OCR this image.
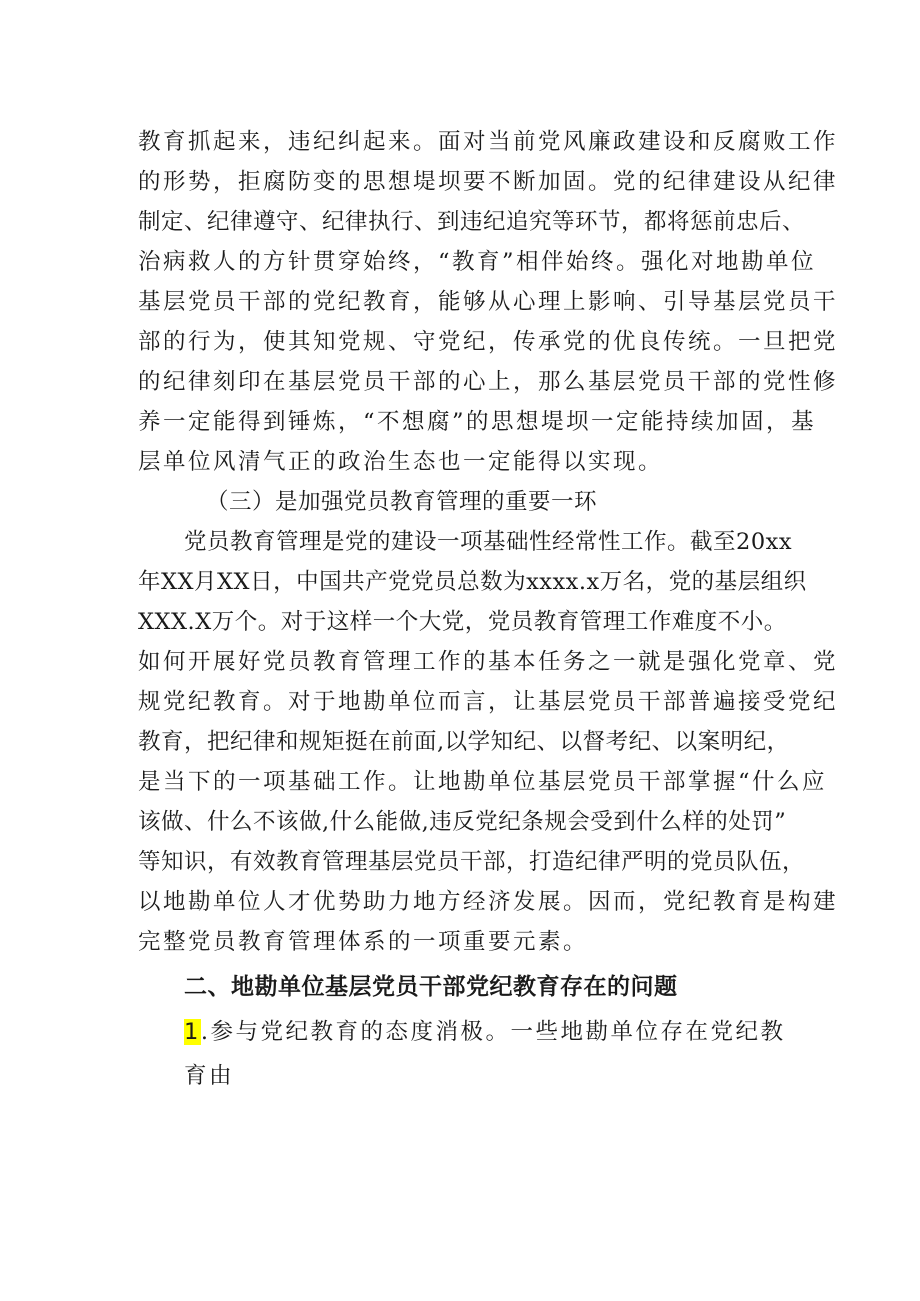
教育抓起来，违纪纠起来。面对当前党风廉政建设和反腐败工作
的形势，拒腐防变的思想堤坝要不断加固。党的纪律建设从纪律
制定、纪律遵守、纪律执行、到违纪追究等环节，都将惩前忠后、
治病救人的方针贯穿始终，“教育”相伴始终。强化对地勘单位
基层党员干部的党纪教育，能够从心理上影响、引导基层党员干
部的行为，使其知党规、守党纪，传承党的优良传统。一旦把党
的纪律刻印在基层党员干部的心上，那么基层党员干部的党性修
养一定能得到锤炼，“不想腐”的思想堤坝一定能持续加固，基
层单位风清气正的政治生态也一定能得以实现。
（三）是加强党员教育管理的重要一环
党员教育管理是党的建设一项基础性经常性工作。截至20xx
年XX月XX日，中国共产党党员总数为xxxx.x万名，党的基层组织
XXX.X万个。对于这样一个大党，党员教育管理工作难度不小。
如何开展好党员教育管理工作的基本任务之一就是强化党章、党
规党纪教育。对于地勘单位而言，让基层党员干部普遍接受党纪
教育，把纪律和规矩挺在前面,以学知纪、以督考纪、以案明纪，
是当下的一项基础工作。让地勘单位基层党员干部掌握“什么应
该做、什么不该做,什么能做,违反党纪条规会受到什么样的处罚”
等知识，有效教育管理基层党员干部，打造纪律严明的党员队伍，
以地勘单位人才优势助力地方经济发展。因而，党纪教育是构建
完整党员教育管理体系的一项重要元素。
二、地勘单位基层党员干部党纪教育存在的问题
1.参与党纪教育的态度消极。一些地勘单位存在党纪教育由
